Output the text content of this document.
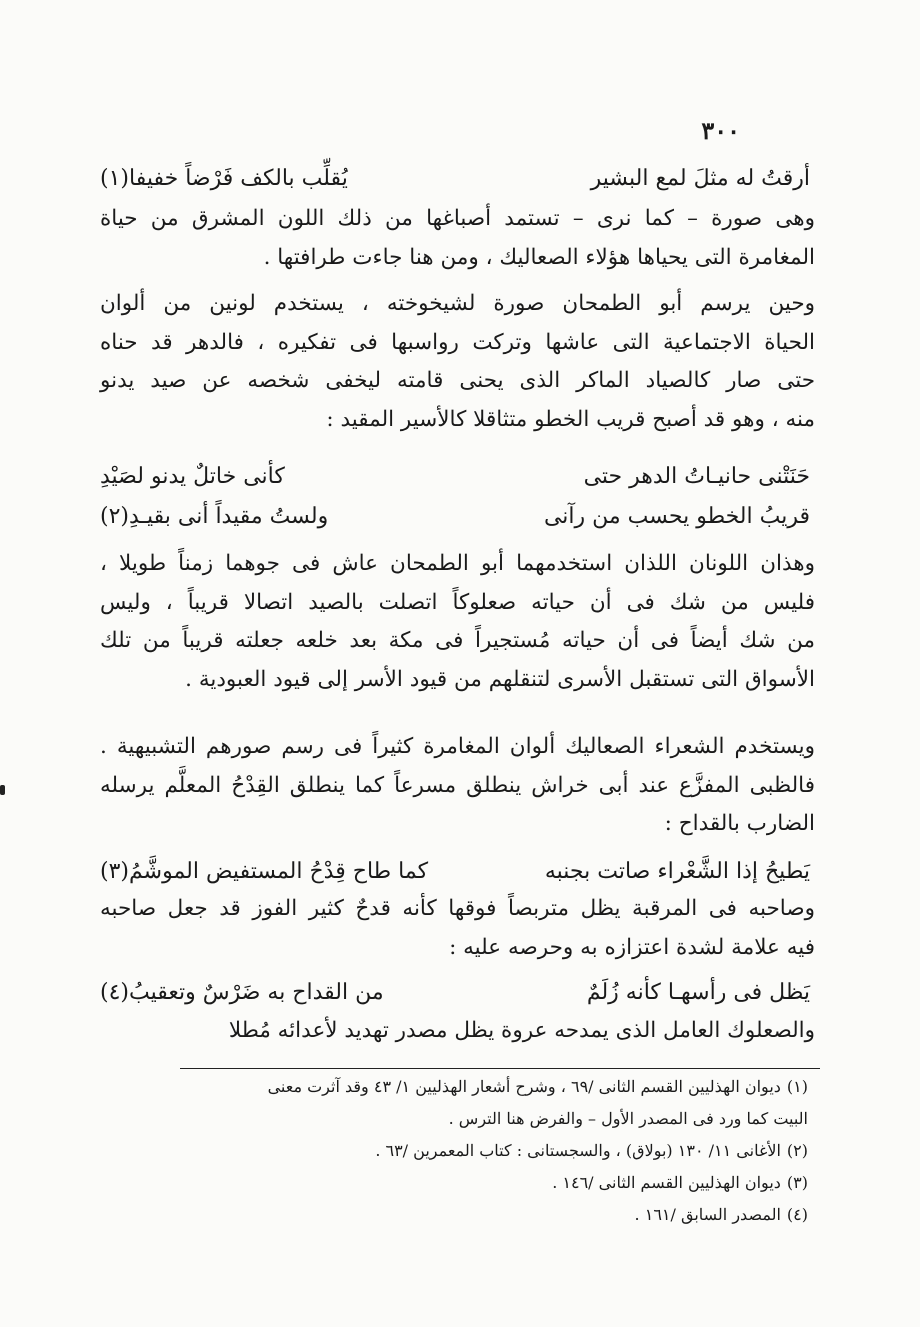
٣٠٠
أرقتُ له مثلَ لمع البشير
يُقلِّب بالكف فَرْضاً خفيفا(١)
وهى صورة – كما نرى – تستمد أصباغها من ذلك اللون المشرق من حياة
المغامرة التى يحياها هؤلاء الصعاليك ، ومن هنا جاءت طرافتها .
وحين يرسم أبو الطمحان صورة لشيخوخته ، يستخدم لونين من ألوان
الحياة الاجتماعية التى عاشها وتركت رواسبها فى تفكيره ، فالدهر قد حناه
حتى صار كالصياد الماكر الذى يحنى قامته ليخفى شخصه عن صيد يدنو
منه ، وهو قد أصبح قريب الخطو متثاقلا كالأسير المقيد :
حَنَتْنى حانيـاتُ الدهر حتى
كأنى خاتلٌ يدنو لصَيْدِ
قريبُ الخطو يحسب من رآنى
ولستُ مقيداً أنى بقيـدِ(٢)
وهذان اللونان اللذان استخدمهما أبو الطمحان عاش فى جوهما زمناً طويلا ،
فليس من شك فى أن حياته صعلوكاً اتصلت بالصيد اتصالا قريباً ، وليس
من شك أيضاً فى أن حياته مُستجيراً فى مكة بعد خلعه جعلته قريباً من تلك
الأسواق التى تستقبل الأسرى لتنقلهم من قيود الأسر إلى قيود العبودية .
ويستخدم الشعراء الصعاليك ألوان المغامرة كثيراً فى رسم صورهم التشبيهية .
فالظبى المفزَّع عند أبى خراش ينطلق مسرعاً كما ينطلق القِدْحُ المعلَّم يرسله
الضارب بالقداح :
يَطيحُ إذا الشَّعْراء صاتت بجنبه
كما طاح قِدْحُ المستفيض الموشَّمُ(٣)
وصاحبه فى المرقبة يظل متربصاً فوقها كأنه قدحٌ كثير الفوز قد جعل صاحبه
فيه علامة لشدة اعتزازه به وحرصه عليه :
يَظل فى رأسهـا كأنه زُلَمٌ
من القداح به ضَرْسٌ وتعقيبُ(٤)
والصعلوك العامل الذى يمدحه عروة يظل مصدر تهديد لأعدائه مُطلا
(١)ديوان الهذليين القسم الثانى /٦٩ ، وشرح أشعار الهذليين ١/ ٤٣ وقد آثرت معنى
البيت كما ورد فى المصدر الأول – والفرض هنا الترس .
(٢)الأغانى ١١/ ١٣٠ (بولاق) ، والسجستانى : كتاب المعمرين /٦٣ .
(٣)ديوان الهذليين القسم الثانى /١٤٦ .
(٤)المصدر السابق /١٦١ .
